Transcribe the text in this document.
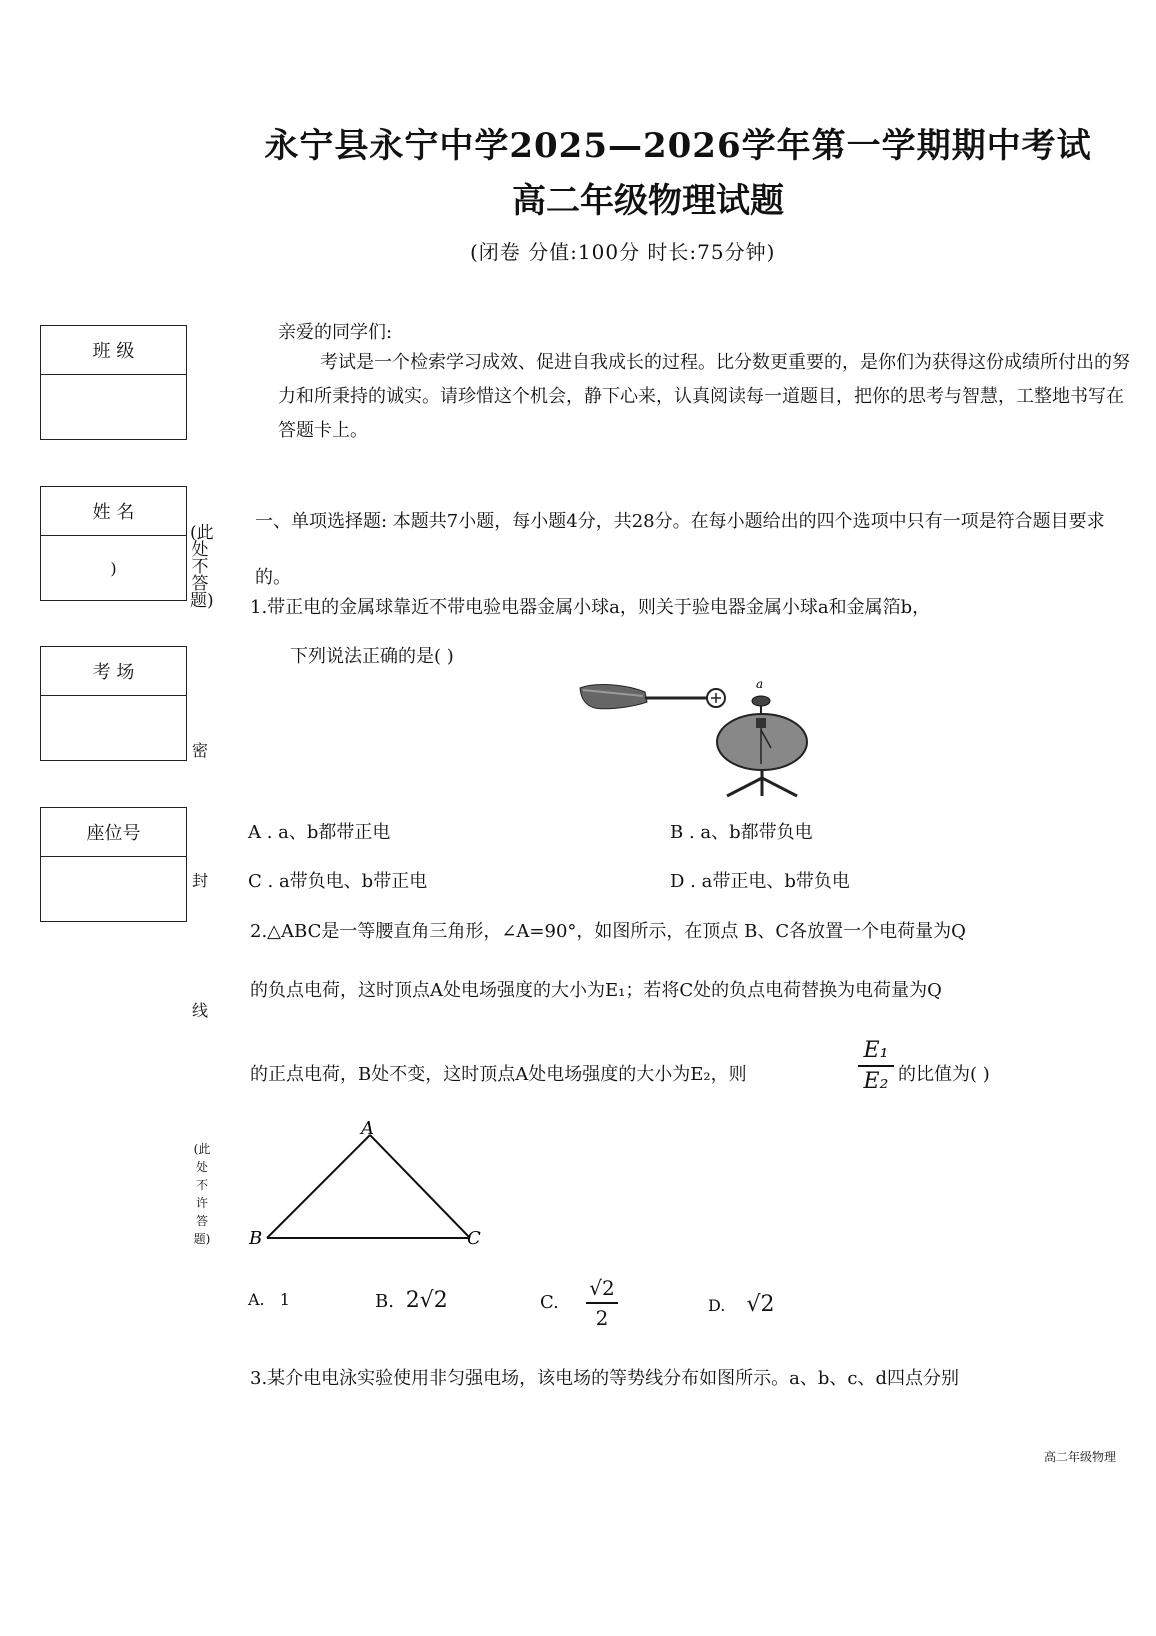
永宁县永宁中学2025—2026学年第一学期期中考试
高二年级物理试题
(闭卷 分值:100分 时长:75分钟)
班 级
姓 名
)
考 场
座位号
(此处不答题)
密
封
线
(此处不许答题)
亲爱的同学们:
考试是一个检索学习成效、促进自我成长的过程。比分数更重要的，是你们为获得这份成绩所付出的努力和所秉持的诚实。请珍惜这个机会，静下心来，认真阅读每一道题目，把你的思考与智慧，工整地书写在答题卡上。
一、单项选择题: 本题共7小题，每小题4分，共28分。在每小题给出的四个选项中只有一项是符合题目要求的。
1.带正电的金属球靠近不带电验电器金属小球a，则关于验电器金属小球a和金属箔b，
下列说法正确的是( )
a
A . a、b都带正电	B . a、b都带负电
C . a带负电、b带正电	D . a带正电、b带负电
2.△ABC是一等腰直角三角形，∠A=90°，如图所示，在顶点 B、C各放置一个电荷量为Q
的负点电荷，这时顶点A处电场强度的大小为E₁；若将C处的负点电荷替换为电荷量为Q
的正点电荷，B处不变，这时顶点A处电场强度的大小为E₂，则
E₁
E₂ 的比值为( )
A
B	C
A. 1	B. 2√2	C.
√2
2
D. √2
3.某介电电泳实验使用非匀强电场，该电场的等势线分布如图所示。a、b、c、d四点分别
高二年级物理
